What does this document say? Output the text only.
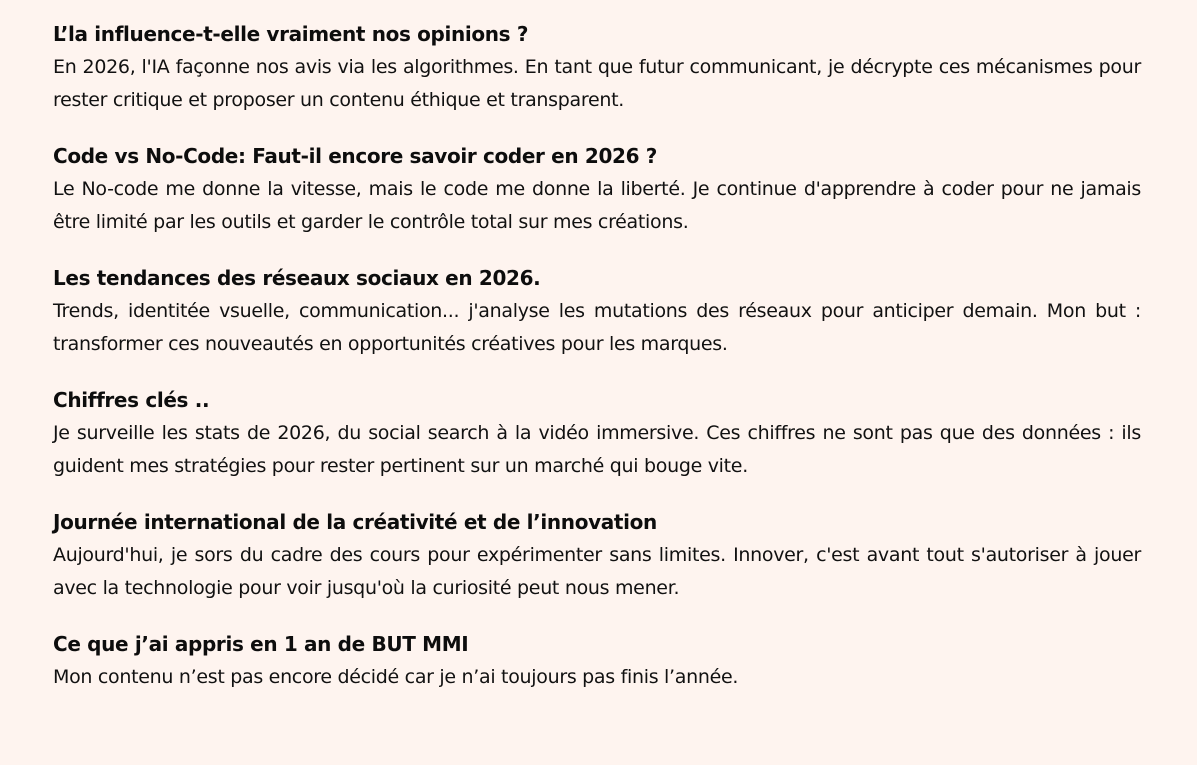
L’la influence-t-elle vraiment nos opinions ?

En 2026, l'IA façonne nos avis via les algorithmes. En tant que futur communicant, je décrypte ces mécanismes pour rester critique et proposer un contenu éthique et transparent.

Code vs No-Code: Faut-il encore savoir coder en 2026 ?

Le No-code me donne la vitesse, mais le code me donne la liberté. Je continue d'apprendre à coder pour ne jamais être limité par les outils et garder le contrôle total sur mes créations.

Les tendances des réseaux sociaux en 2026.

Trends, identitée vsuelle, communication... j'analyse les mutations des réseaux pour anticiper demain. Mon but : transformer ces nouveautés en opportunités créatives pour les marques.

Chiffres clés ..

Je surveille les stats de 2026, du social search à la vidéo immersive. Ces chiffres ne sont pas que des données : ils guident mes stratégies pour rester pertinent sur un marché qui bouge vite.

Journée international de la créativité et de l’innovation

Aujourd'hui, je sors du cadre des cours pour expérimenter sans limites. Innover, c'est avant tout s'autoriser à jouer avec la technologie pour voir jusqu'où la curiosité peut nous mener.

Ce que j’ai appris en 1 an de BUT MMI

Mon contenu n’est pas encore décidé car je n’ai toujours pas finis l’année.
